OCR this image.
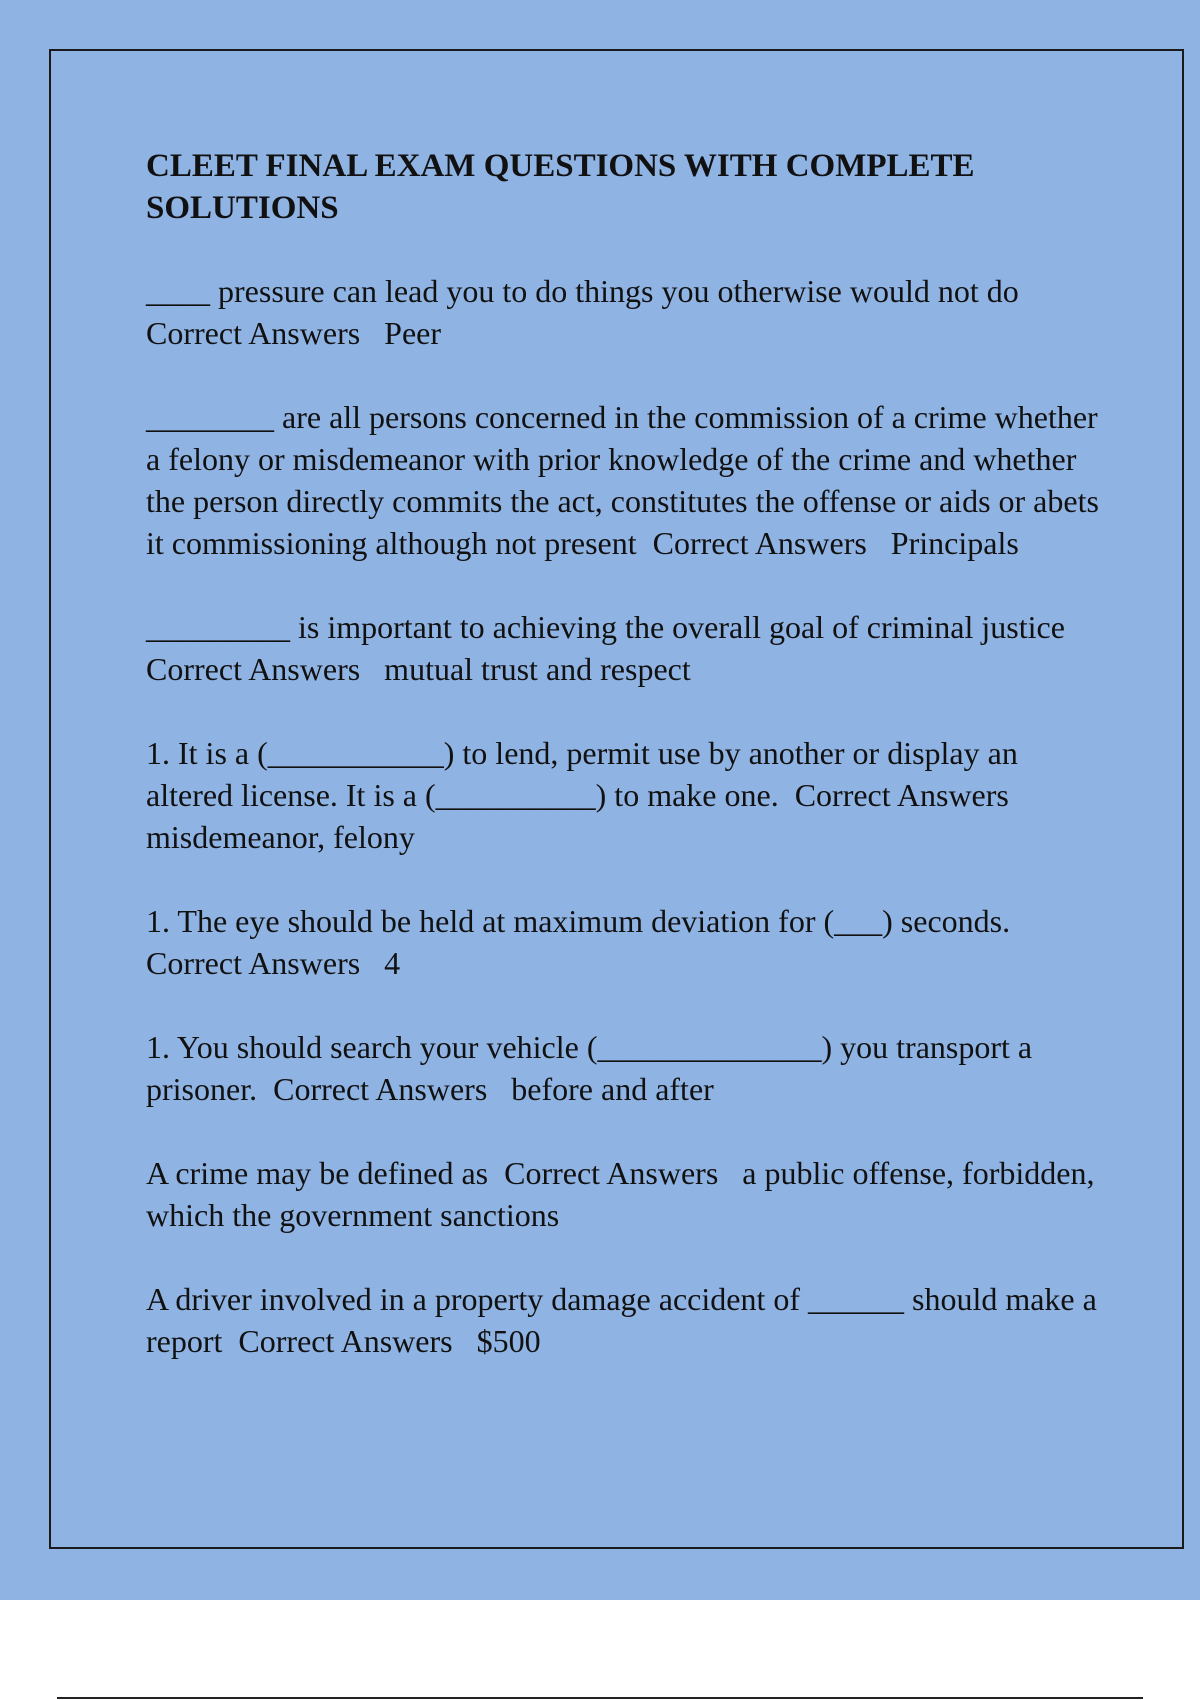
CLEET FINAL EXAM QUESTIONS WITH COMPLETE SOLUTIONS

____ pressure can lead you to do things you otherwise would not do  Correct Answers Peer

________ are all persons concerned in the commission of a crime whether a felony or misdemeanor with prior knowledge of the crime and whether the person directly commits the act, constitutes the offense or aids or abets it commissioning although not present Correct Answers Principals

_________ is important to achieving the overall goal of criminal justice  Correct Answers mutual trust and respect

1. It is a (___________) to lend, permit use by another or display an altered license. It is a (__________) to make one. Correct Answers   misdemeanor, felony

1. The eye should be held at maximum deviation for (___) seconds.  Correct Answers 4

1. You should search your vehicle (______________) you transport a prisoner. Correct Answers before and after

A crime may be defined as Correct Answers a public offense, forbidden, which the government sanctions

A driver involved in a property damage accident of ______ should make a report Correct Answers $500
